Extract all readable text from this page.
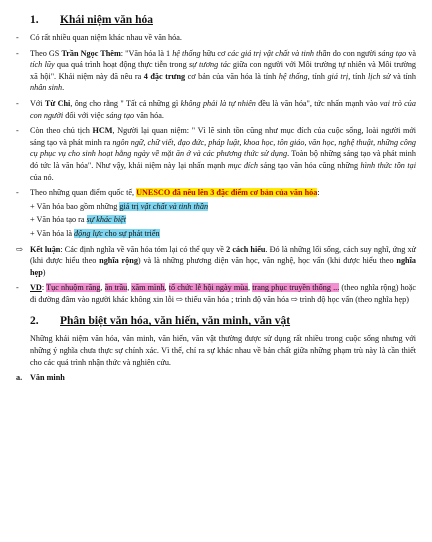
1.	Khái niệm văn hóa
-	Có rất nhiều quan niệm khác nhau về văn hóa.
-	Theo GS Trần Ngọc Thêm: "Văn hóa là 1 hệ thống hữu cơ các giá trị vật chất và tinh thần do con người sáng tạo và tích lũy qua quá trình hoạt động thực tiễn trong sự tương tác giữa con người với Môi trường tự nhiên và Môi trường xã hội". Khái niệm này đã nêu ra 4 đặc trưng cơ bản của văn hóa là tính hệ thống, tính giá trị, tính lịch sử và tính nhân sinh.
-	Với Từ Chi, ông cho rằng " Tất cả những gì không phải là tự nhiên đều là văn hóa", tức nhấn mạnh vào vai trò của con người đối với việc sáng tạo văn hóa.
-	Còn theo chủ tịch HCM, Người lại quan niệm: " Vì lẽ sinh tồn cũng như mục đích của cuộc sống, loài người mới sáng tạo và phát minh ra ngôn ngữ, chữ viết, đạo đức, pháp luật, khoa học, tôn giáo, văn học, nghệ thuật, những công cụ phục vụ cho sinh hoạt hằng ngày về mặt ăn ở và các phương thức sử dụng. Toàn bộ những sáng tạo và phát minh đó tức là văn hóa". Như vậy, khái niệm này lại nhấn mạnh mục đích sáng tạo văn hóa cũng những hình thức tồn tại của nó.
-	Theo những quan điểm quốc tế, UNESCO đã nêu lên 3 đặc điểm cơ bản của văn hóa:
+ Văn hóa bao gồm những giá trị vật chất và tinh thần
+ Văn hóa tạo ra sự khác biệt
+ Văn hóa là động lực cho sự phát triển
⇨ Kết luận: Các định nghĩa về văn hóa tóm lại có thể quy về 2 cách hiểu. Đó là những lối sống, cách suy nghĩ, ứng xử (khi được hiểu theo nghĩa rộng) và là những phương diện văn học, văn nghệ, học vấn (khi được hiểu theo nghĩa hẹp)
-	VD: Tục nhuộm răng, ăn trầu, xăm mình, tổ chức lễ hội ngày mùa, trang phục truyền thống ... (theo nghĩa rộng) hoặc đi đường đâm vào người khác không xin lỗi ⇨ thiếu văn hóa ; trình độ văn hóa ⇨ trình độ học vấn (theo nghĩa hẹp)
2.	Phân biệt văn hóa, văn hiến, văn minh, văn vật
Những khái niệm văn hóa, văn minh, văn hiến, văn vật thường được sử dụng rất nhiều trong cuộc sống nhưng với những ý nghĩa chưa thực sự chính xác. Vì thế, chỉ ra sự khác nhau về bản chất giữa những phạm trù này là cần thiết cho các quá trình nhận thức và nghiên cứu.
a. Văn minh
